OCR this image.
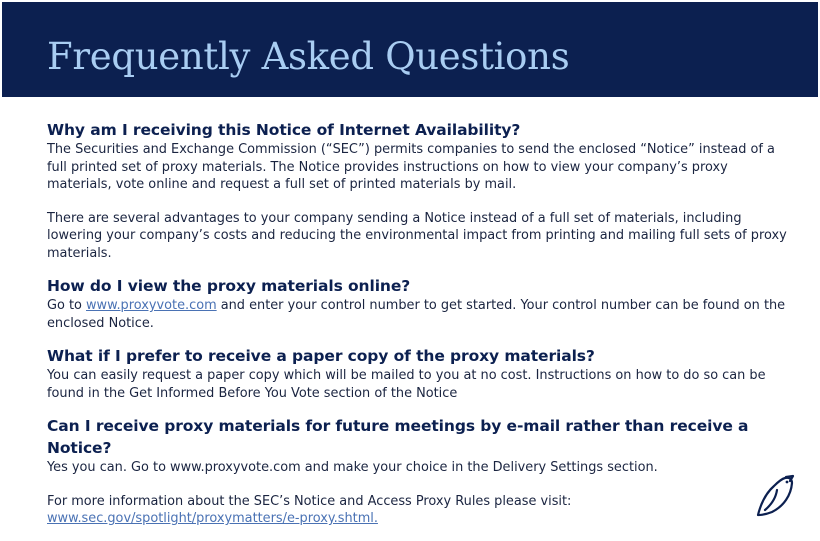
Frequently Asked Questions

Why am I receiving this Notice of Internet Availability?

The Securities and Exchange Commission (“SEC”) permits companies to send the enclosed “Notice” instead of a full printed set of proxy materials. The Notice provides instructions on how to view your company’s proxy materials, vote online and request a full set of printed materials by mail.

There are several advantages to your company sending a Notice instead of a full set of materials, including lowering your company’s costs and reducing the environmental impact from printing and mailing full sets of proxy materials.

How do I view the proxy materials online?

Go to www.proxyvote.com and enter your control number to get started. Your control number can be found on the enclosed Notice.

What if I prefer to receive a paper copy of the proxy materials?

You can easily request a paper copy which will be mailed to you at no cost. Instructions on how to do so can be found in the Get Informed Before You Vote section of the Notice

Can I receive proxy materials for future meetings by e-mail rather than receive a Notice?

Yes you can. Go to www.proxyvote.com and make your choice in the Delivery Settings section.

For more information about the SEC’s Notice and Access Proxy Rules please visit:

www.sec.gov/spotlight/proxymatters/e-proxy.shtml.
